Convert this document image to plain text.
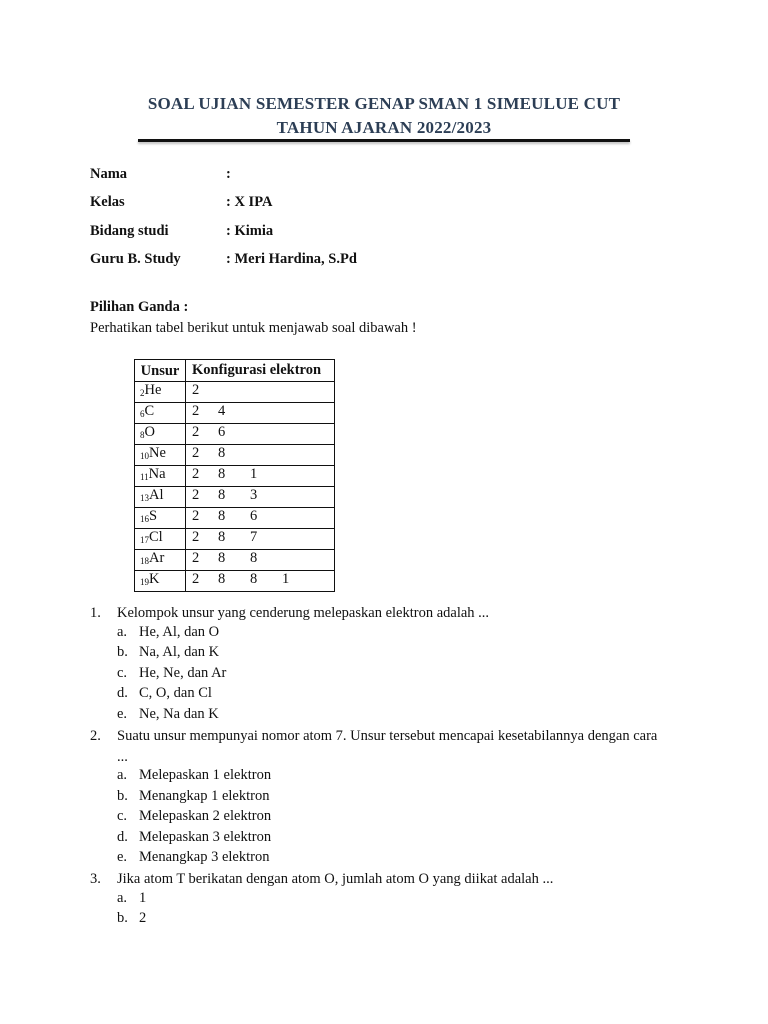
SOAL UJIAN SEMESTER GENAP SMAN 1 SIMEULUE CUT
TAHUN AJARAN 2022/2023
Nama	:
Kelas	: X IPA
Bidang studi	: Kimia
Guru B. Study	: Meri Hardina, S.Pd
Pilihan Ganda :
Perhatikan tabel berikut untuk menjawab soal dibawah !
Unsur	Konfigurasi elektron
$_2$He	2

$_6$C	2 4

$_8$O	2 6

$_{10}$Ne	2 8

$_{11}$Na	2 8 1

$_{13}$Al	2 8 3

$_{16}$S	2 8 6

$_{17}$Cl	2 8 7

$_{18}$Ar	2 8 8

$_{19}$K	2 8 8 1
1. Kelompok unsur yang cenderung melepaskan elektron adalah ...
a. He, Al, dan O
b. Na, Al, dan K
c. He, Ne, dan Ar
d. C, O, dan Cl
e. Ne, Na dan K
2. Suatu unsur mempunyai nomor atom 7. Unsur tersebut mencapai kesetabilannya dengan cara ...
a. Melepaskan 1 elektron
b. Menangkap 1 elektron
c. Melepaskan 2 elektron
d. Melepaskan 3 elektron
e. Menangkap 3 elektron
3. Jika atom T berikatan dengan atom O, jumlah atom O yang diikat adalah ...
a. 1
b. 2
